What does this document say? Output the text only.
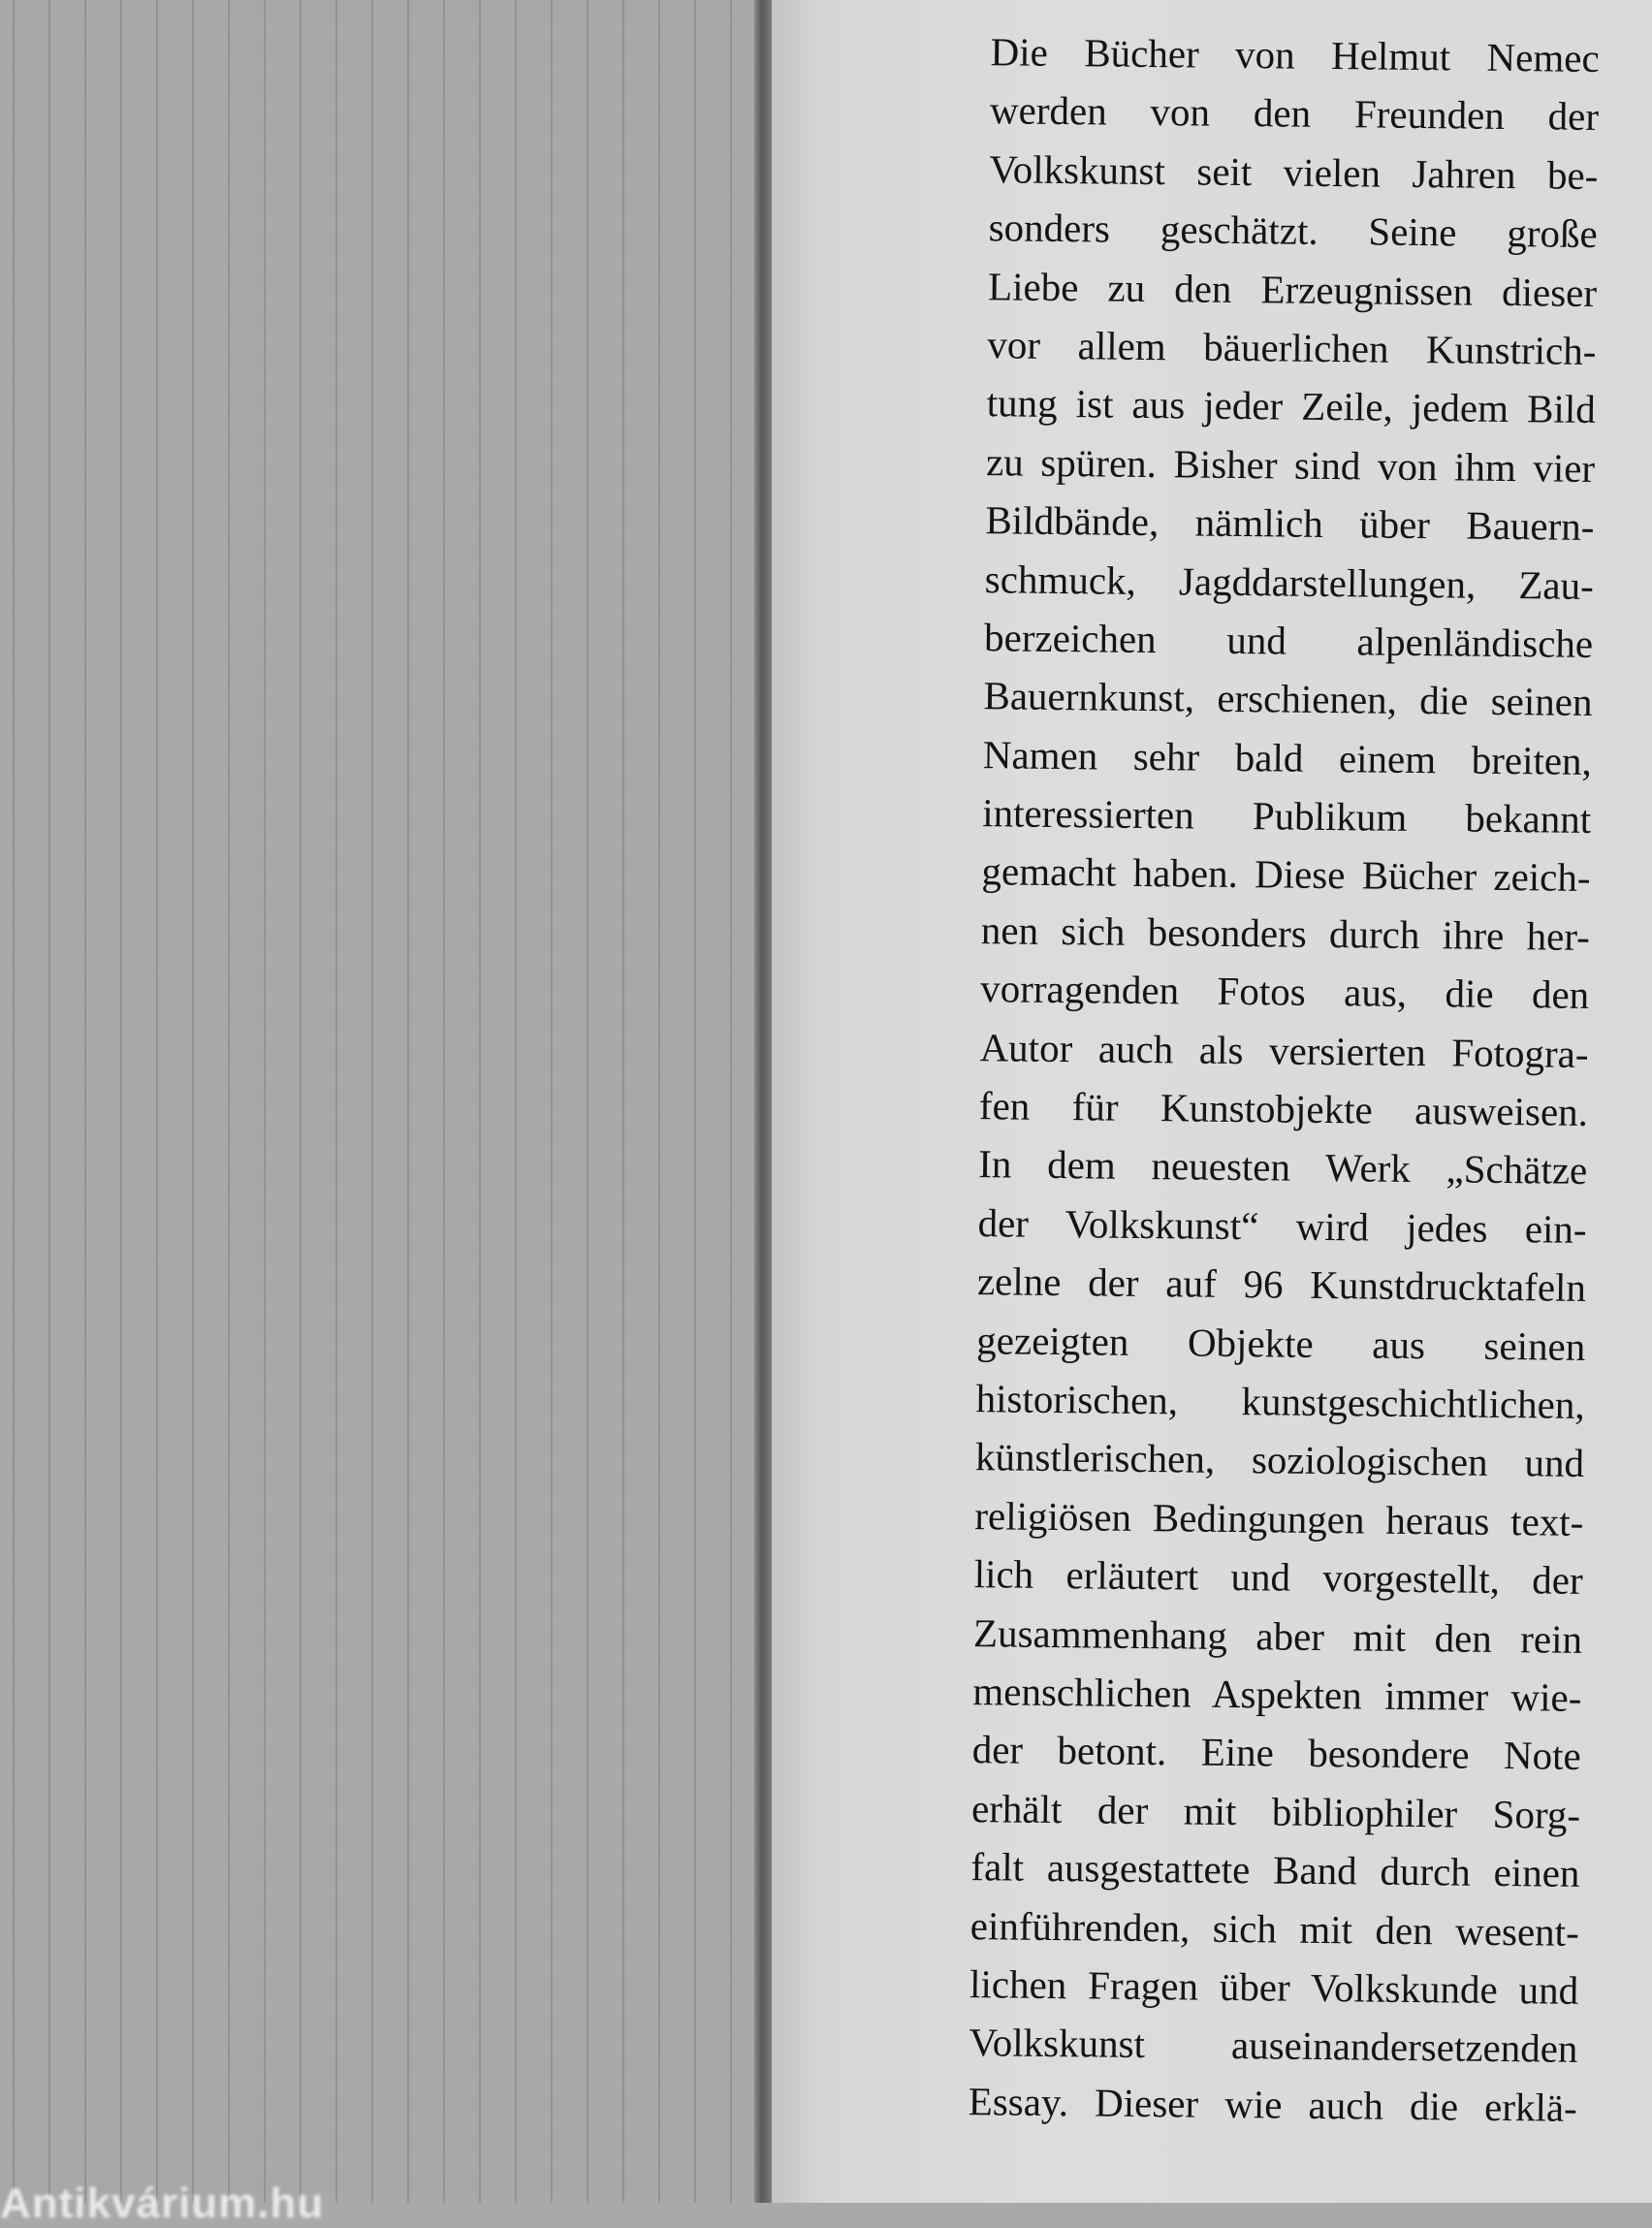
Die Bücher von Helmut Nemec
werden von den Freunden der
Volkskunst seit vielen Jahren be-
sonders geschätzt. Seine große
Liebe zu den Erzeugnissen dieser
vor allem bäuerlichen Kunstrich-
tung ist aus jeder Zeile, jedem Bild
zu spüren. Bisher sind von ihm vier
Bildbände, nämlich über Bauern-
schmuck, Jagddarstellungen, Zau-
berzeichen und alpenländische
Bauernkunst, erschienen, die seinen
Namen sehr bald einem breiten,
interessierten Publikum bekannt
gemacht haben. Diese Bücher zeich-
nen sich besonders durch ihre her-
vorragenden Fotos aus, die den
Autor auch als versierten Fotogra-
fen für Kunstobjekte ausweisen.
In dem neuesten Werk „Schätze
der Volkskunst“ wird jedes ein-
zelne der auf 96 Kunstdrucktafeln
gezeigten Objekte aus seinen
historischen, kunstgeschichtlichen,
künstlerischen, soziologischen und
religiösen Bedingungen heraus text-
lich erläutert und vorgestellt, der
Zusammenhang aber mit den rein
menschlichen Aspekten immer wie-
der betont. Eine besondere Note
erhält der mit bibliophiler Sorg-
falt ausgestattete Band durch einen
einführenden, sich mit den wesent-
lichen Fragen über Volkskunde und
Volkskunst auseinandersetzenden
Essay. Dieser wie auch die erklä-
Antikvárium.hu
